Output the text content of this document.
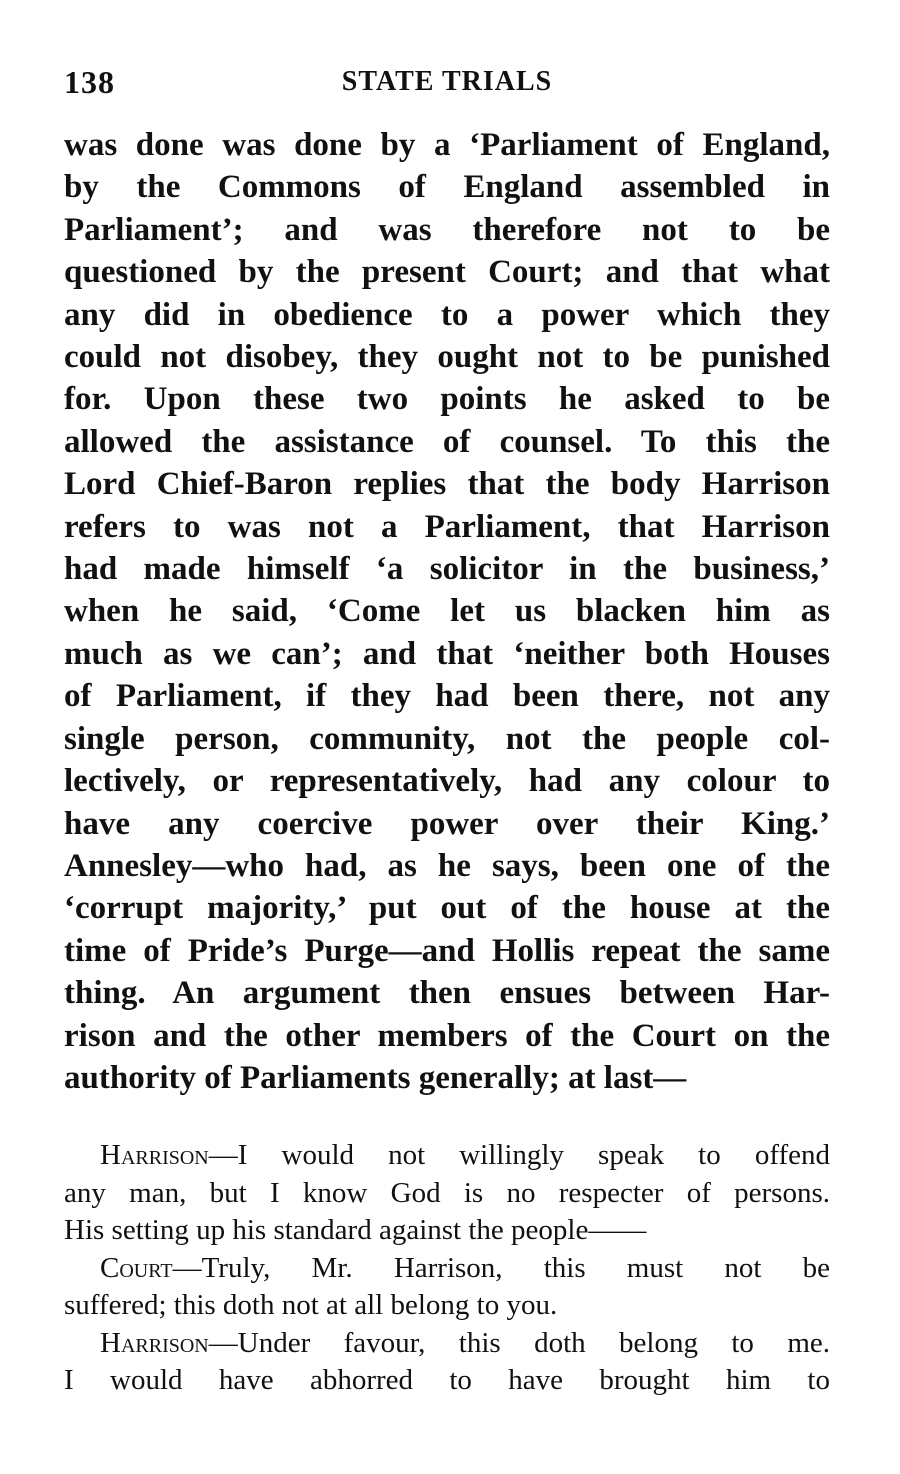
138	STATE TRIALS
was done was done by a ‘Parliament of England,
by the Commons of England assembled in
Parliament’; and was therefore not to be
questioned by the present Court; and that what
any did in obedience to a power which they
could not disobey, they ought not to be punished
for. Upon these two points he asked to be
allowed the assistance of counsel. To this the
Lord Chief-Baron replies that the body Harrison
refers to was not a Parliament, that Harrison
had made himself ‘a solicitor in the business,’
when he said, ‘Come let us blacken him as
much as we can’; and that ‘neither both Houses
of Parliament, if they had been there, not any
single person, community, not the people col-
lectively, or representatively, had any colour to
have any coercive power over their King.’
Annesley—who had, as he says, been one of the
‘corrupt majority,’ put out of the house at the
time of Pride’s Purge—and Hollis repeat the same
thing. An argument then ensues between Har-
rison and the other members of the Court on the
authority of Parliaments generally; at last—
Harrison—I would not willingly speak to offend
any man, but I know God is no respecter of persons.
His setting up his standard against the people——
Court—Truly, Mr. Harrison, this must not be
suffered; this doth not at all belong to you.
Harrison—Under favour, this doth belong to me.
I would have abhorred to have brought him to
